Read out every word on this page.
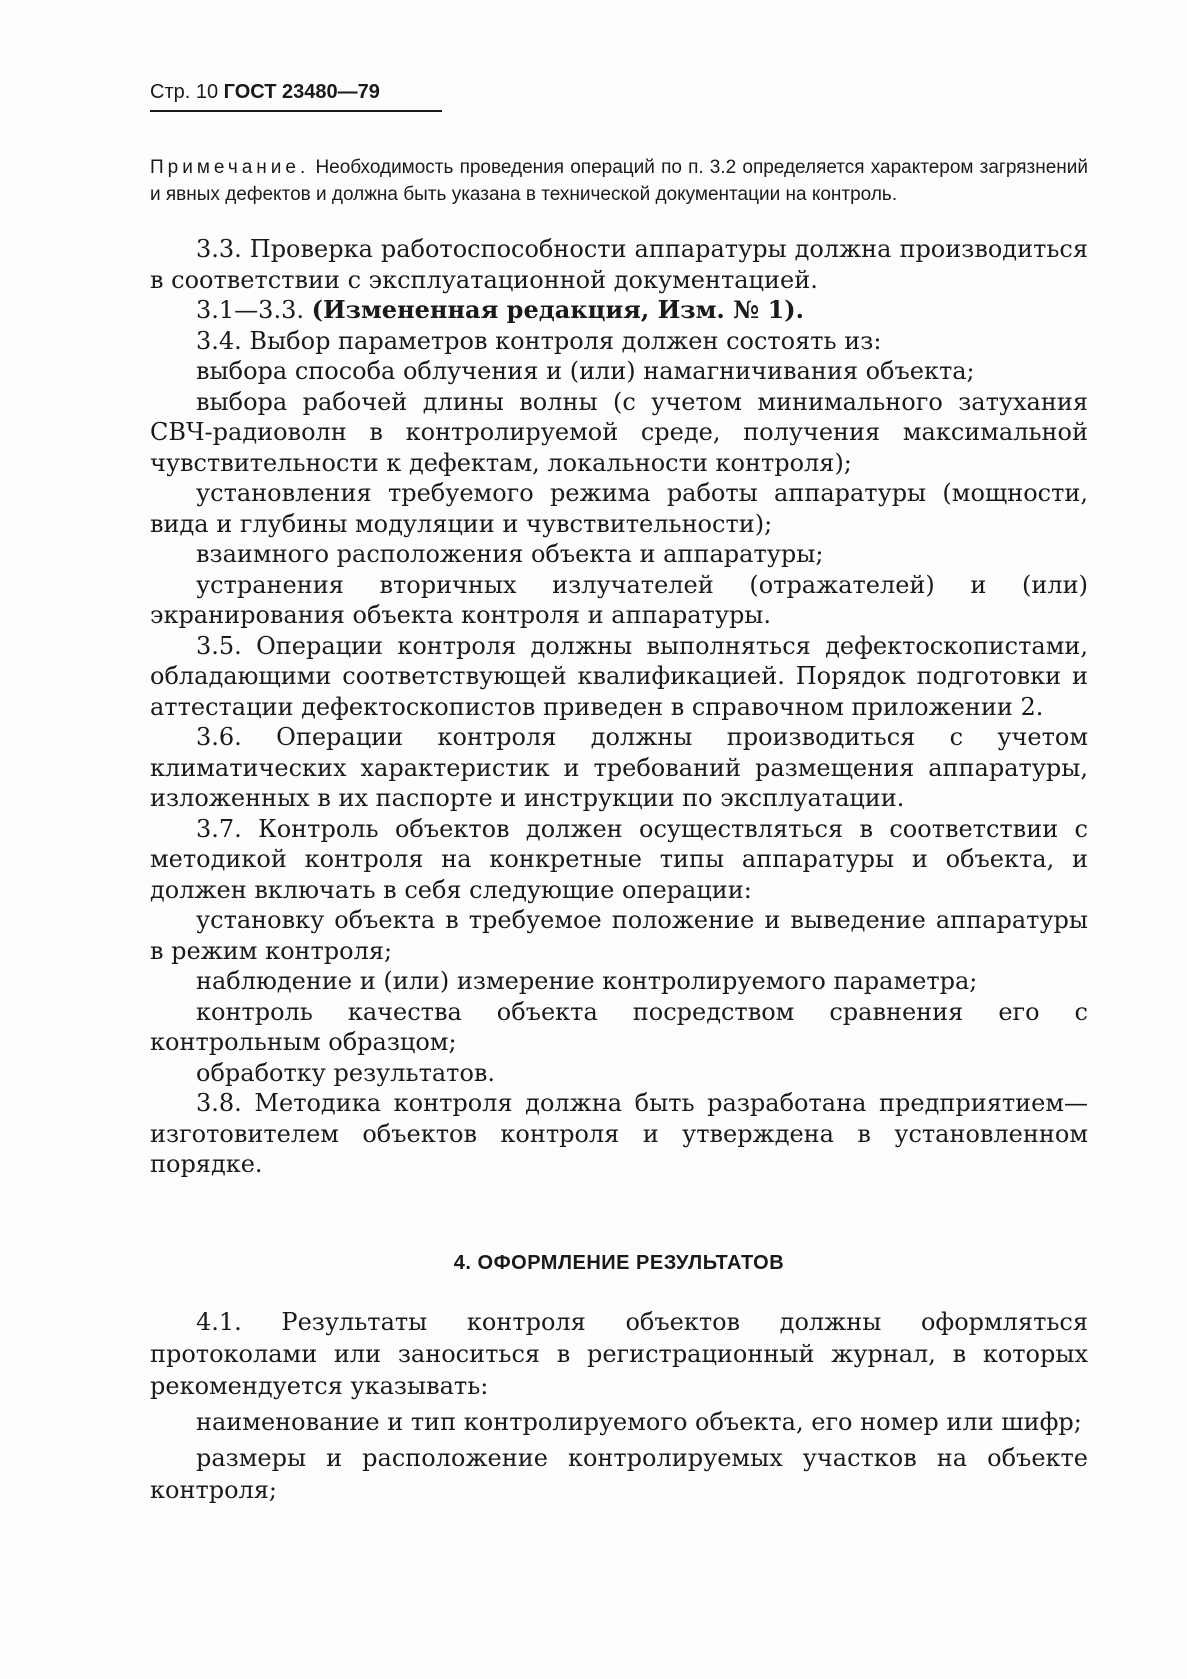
Стр. 10 ГОСТ 23480—79
Примечание. Необходимость проведения операций по п. 3.2 определяется характером загрязнений и явных дефектов и должна быть указана в технической документации на контроль.

3.3. Проверка работоспособности аппаратуры должна производиться в соответствии с эксплуатационной документацией.

3.1—3.3. (Измененная редакция, Изм. № 1).

3.4. Выбор параметров контроля должен состоять из:

выбора способа облучения и (или) намагничивания объекта;

выбора рабочей длины волны (с учетом минимального затухания СВЧ-радиоволн в контролируемой среде, получения максимальной чувствительности к дефектам, локальности контроля);

установления требуемого режима работы аппаратуры (мощности, вида и глубины модуляции и чувствительности);

взаимного расположения объекта и аппаратуры;

устранения вторичных излучателей (отражателей) и (или) экранирования объекта контроля и аппаратуры.

3.5. Операции контроля должны выполняться дефектоскопистами, обладающими соответствующей квалификацией. Порядок подготовки и аттестации дефектоскопистов приведен в справочном приложении 2.

3.6. Операции контроля должны производиться с учетом климатических характеристик и требований размещения аппаратуры, изложенных в их паспорте и инструкции по эксплуатации.

3.7. Контроль объектов должен осуществляться в соответствии с методикой контроля на конкретные типы аппаратуры и объекта, и должен включать в себя следующие операции:

установку объекта в требуемое положение и выведение аппаратуры в режим контроля;

наблюдение и (или) измерение контролируемого параметра;

контроль качества объекта посредством сравнения его с контрольным образцом;

обработку результатов.

3.8. Методика контроля должна быть разработана предприятием—изготовителем объектов контроля и утверждена в установленном порядке.

4. ОФОРМЛЕНИЕ РЕЗУЛЬТАТОВ

4.1. Результаты контроля объектов должны оформляться протоколами или заноситься в регистрационный журнал, в которых рекомендуется указывать:

наименование и тип контролируемого объекта, его номер или шифр;

размеры и расположение контролируемых участков на объекте контроля;
